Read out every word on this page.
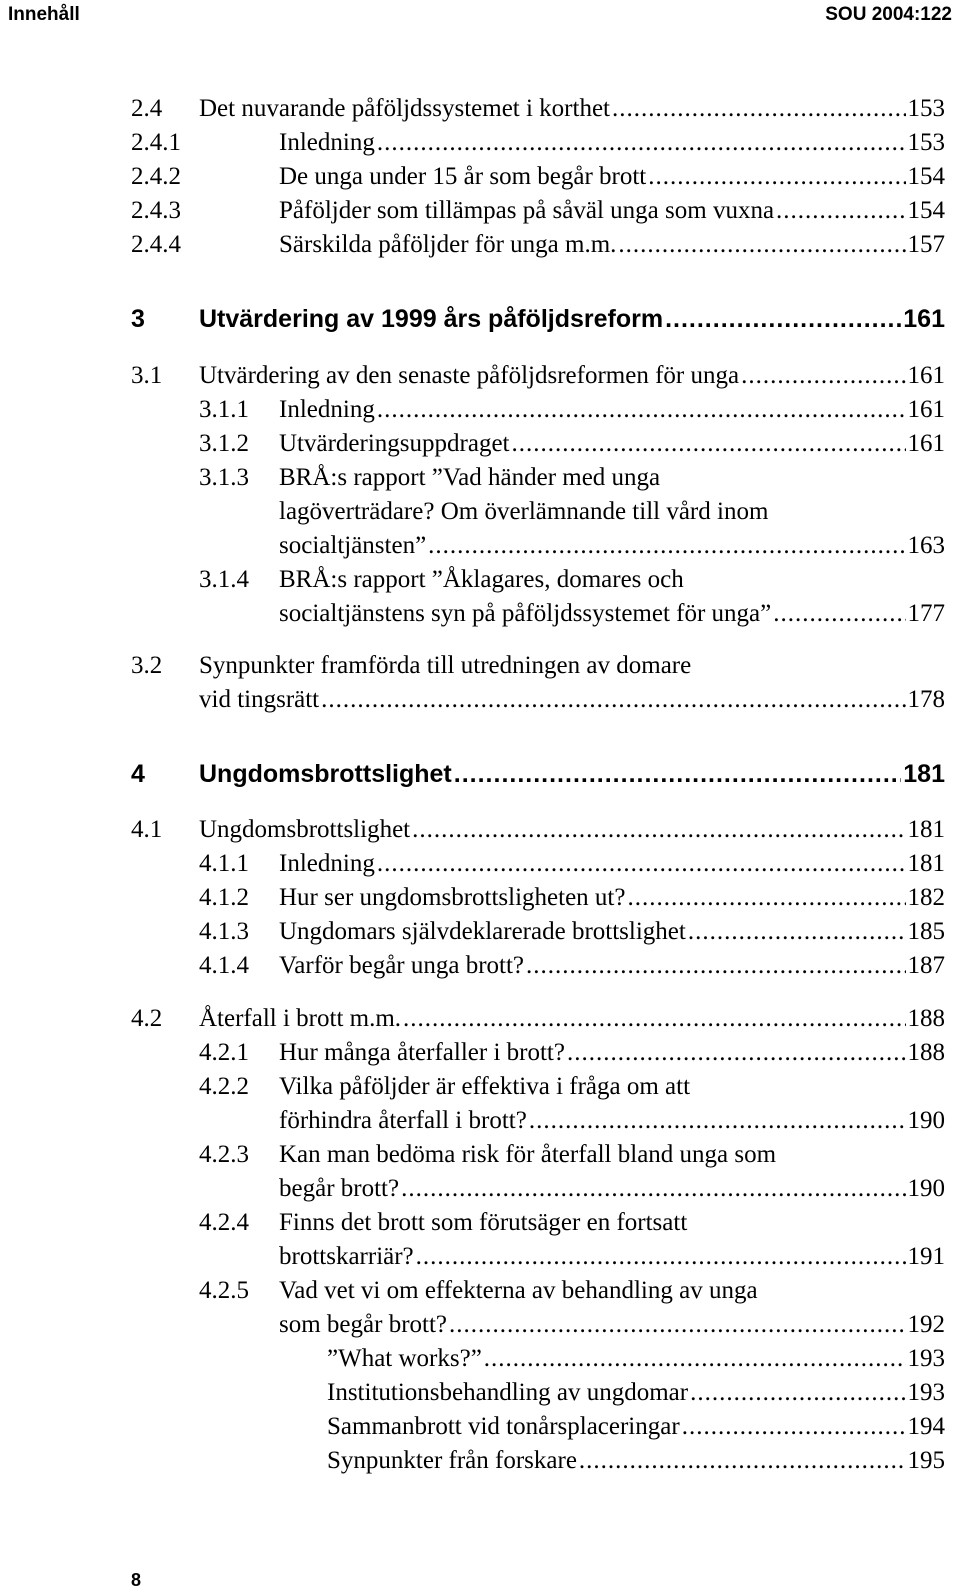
Innehåll	SOU 2004:122
2.4 Det nuvarande påföljdssystemet i korthet .....	153
2.4.1	Inledning .....	153
2.4.2	De unga under 15 år som begår brott .....	154
2.4.3	Påföljder som tillämpas på såväl unga som vuxna .....	154
2.4.4	Särskilda påföljder för unga m.m. .....	157
3 Utvärdering av 1999 års påföljdsreform .....	161
3.1 Utvärdering av den senaste påföljdsreformen för unga .....	161
3.1.1 Inledning .....	161
3.1.2 Utvärderingsuppdraget .....	161
3.1.3 BRÅ:s rapport ”Vad händer med unga
lagöverträdare? Om överlämnande till vård inom
socialtjänsten” .....	163
3.1.4 BRÅ:s rapport ”Åklagares, domares och
socialtjänstens syn på påföljdssystemet för unga” .....	177
3.2 Synpunkter framförda till utredningen av domare
vid tingsrätt .....	178
4 Ungdomsbrottslighet .....	181
4.1 Ungdomsbrottslighet .....	181
4.1.1 Inledning .....	181
4.1.2 Hur ser ungdomsbrottsligheten ut? .....	182
4.1.3 Ungdomars självdeklarerade brottslighet .....	185
4.1.4 Varför begår unga brott? .....	187
4.2 Återfall i brott m.m. .....	188
4.2.1 Hur många återfaller i brott? .....	188
4.2.2 Vilka påföljder är effektiva i fråga om att
förhindra återfall i brott? .....	190
4.2.3 Kan man bedöma risk för återfall bland unga som
begår brott? .....	190
4.2.4 Finns det brott som förutsäger en fortsatt
brottskarriär? .....	191
4.2.5 Vad vet vi om effekterna av behandling av unga
som begår brott? .....	192
”What works?” .....	193
Institutionsbehandling av ungdomar .....	193
Sammanbrott vid tonårsplaceringar .....	194
Synpunkter från forskare .....	195
8
